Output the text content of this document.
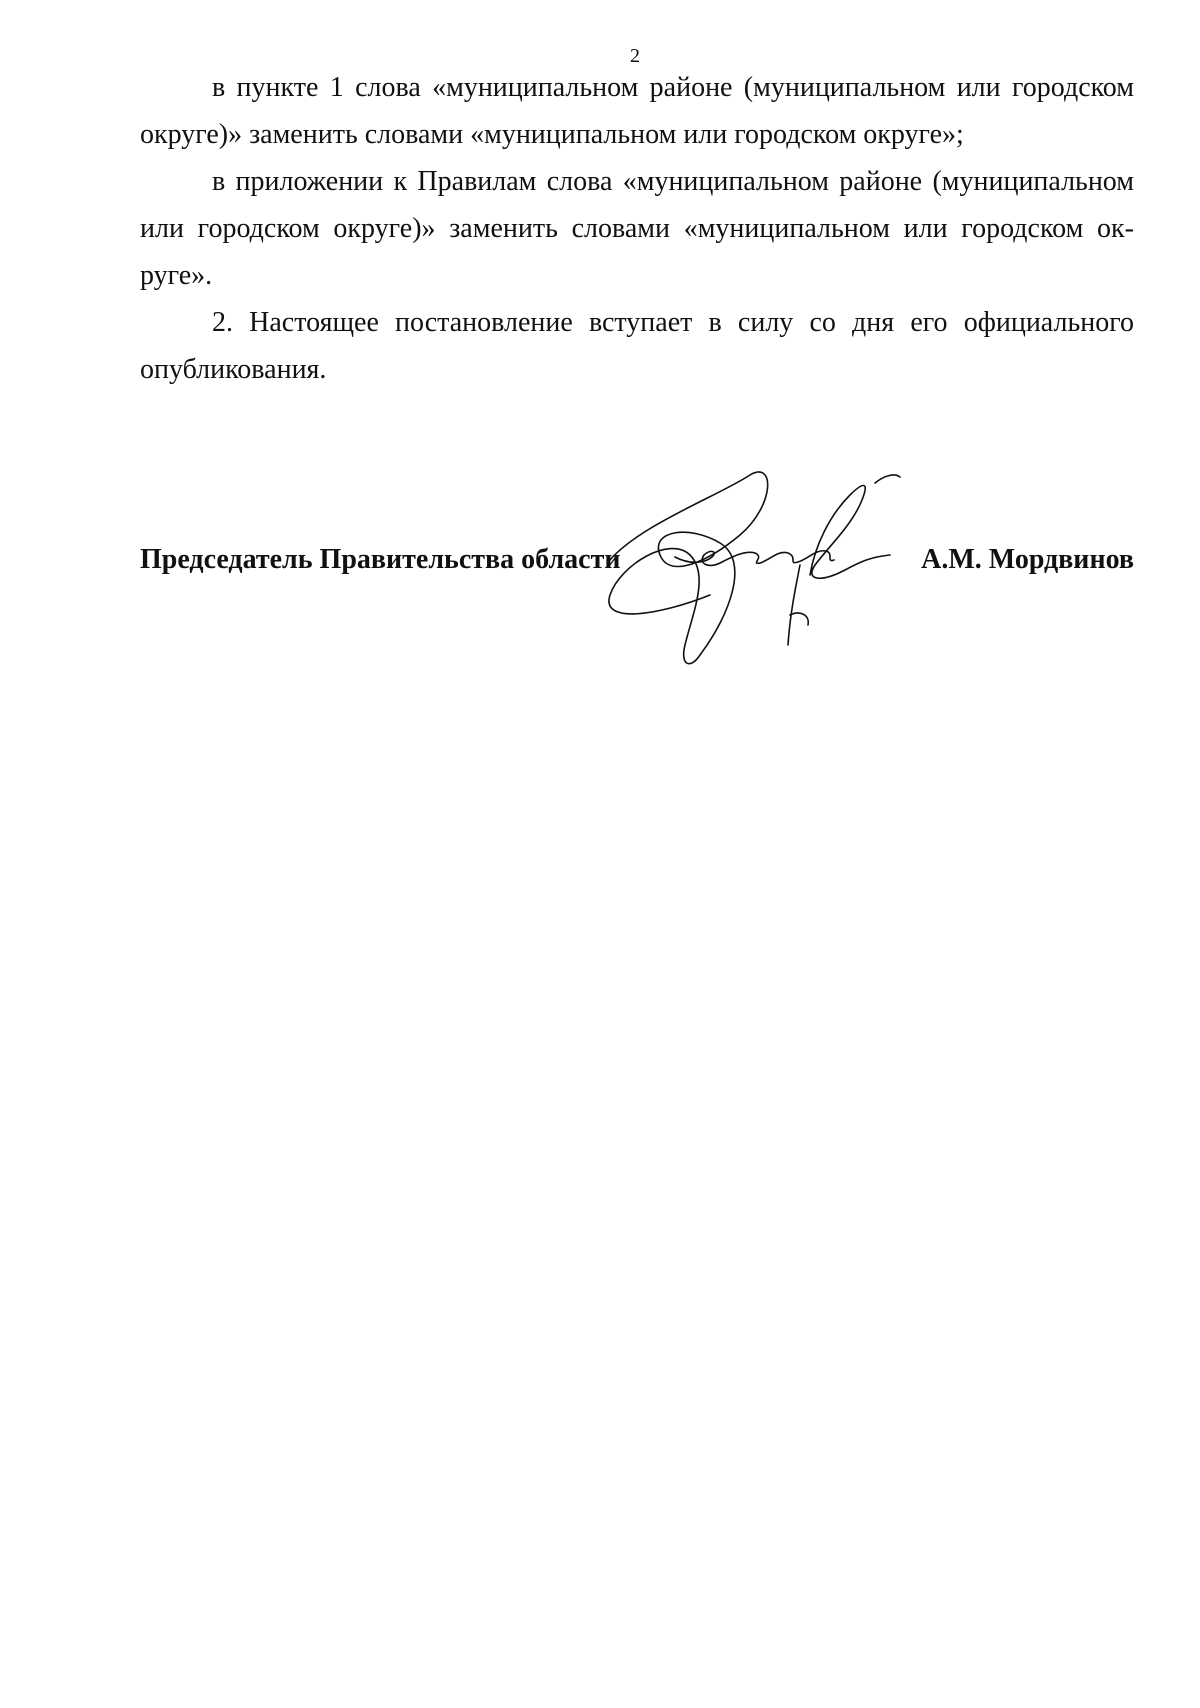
2

в пункте 1 слова «муниципальном районе (муниципальном или городском округе)» заменить словами «муниципальном или городском округе»;

в приложении к Правилам слова «муниципальном районе (муниципальном или городском округе)» заменить словами «муниципальном или городском ок-руге».

2. Настоящее постановление вступает в силу со дня его официального опубликования.

Председатель Правительства области	А.М. Мордвинов
